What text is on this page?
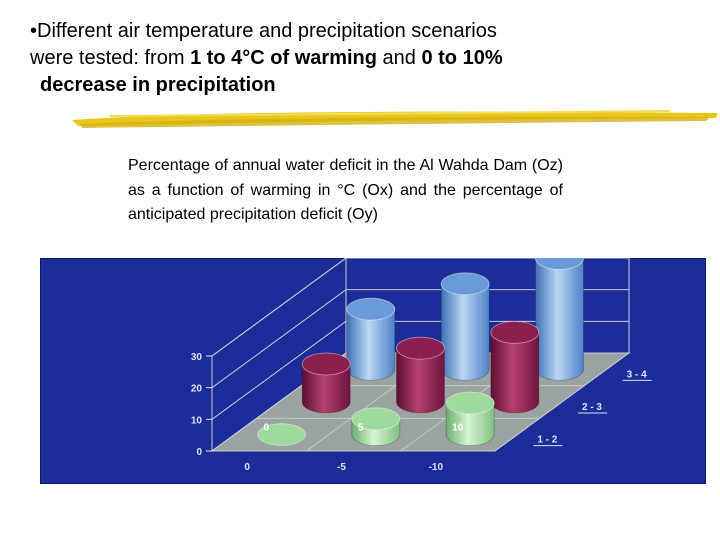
•Different air temperature and precipitation scenarios
were tested: from 1 to 4°C of warming and 0 to 10%
decrease in precipitation
Percentage of annual water deficit in the Al Wahda Dam (Oz) as a function of warming in °C (Ox) and the percentage of anticipated precipitation deficit (Oy)
0
10
20
30
0	-5	-10
1 - 2
2 - 3
3 - 4
0	5	10
